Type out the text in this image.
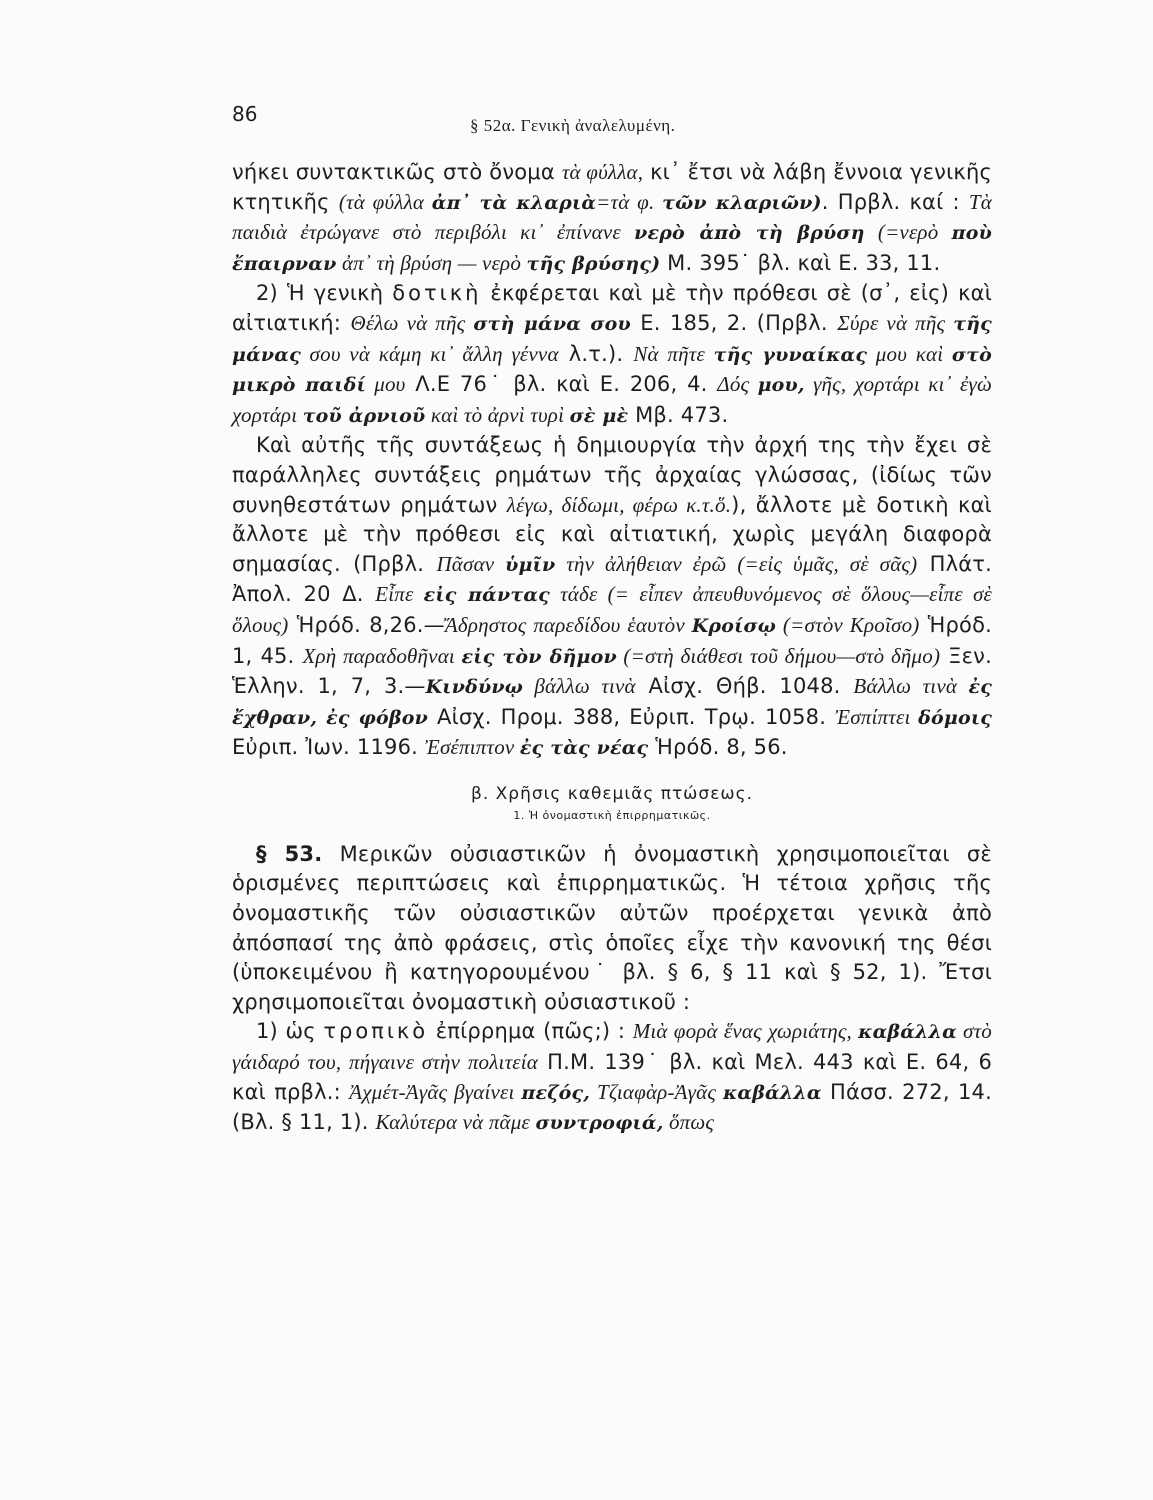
86	§ 52α. Γενικὴ ἀναλελυμένη.

νήκει συντακτικῶς στὸ ὄνομα τὰ φύλλα, κι᾽ ἔτσι νὰ λάβη ἔννοια γενικῆς κτητικῆς (τὰ φύλλα ἀπ᾽ τὰ κλαριὰ=τὰ φ. τῶν κλαριῶν). Πρβλ. καί : Τὰ παιδιὰ ἐτρώγανε στὸ περιβόλι κι᾽ ἐπίνανε νερὸ ἀπὸ τὴ βρύση (=νερὸ ποὺ ἔπαιρναν ἀπ᾽ τὴ βρύση — νερὸ τῆς βρύσης) Μ. 395˙ βλ. καὶ Ε. 33, 11.

2) Ἡ γενικὴ δοτικὴ ἐκφέρεται καὶ μὲ τὴν πρόθεσι σὲ (σ᾽, εἰς) καὶ αἰτιατική: Θέλω νὰ πῆς στὴ μάνα σου Ε. 185, 2. (Πρβλ. Σύρε νὰ πῆς τῆς μάνας σου νὰ κάμη κι᾽ ἄλλη γέννα λ.τ.). Νὰ πῆτε τῆς γυναίκας μου καὶ στὸ μικρὸ παιδί μου Λ.Ε 76˙ βλ. καὶ Ε. 206, 4. Δός μου, γῆς, χορτάρι κι᾽ ἐγὼ χορτάρι τοῦ ἀρνιοῦ καὶ τὸ ἀρνὶ τυρὶ σὲ μὲ Μβ. 473.

Καὶ αὐτῆς τῆς συντάξεως ἡ δημιουργία τὴν ἀρχή της τὴν ἔχει σὲ παράλληλες συντάξεις ρημάτων τῆς ἀρχαίας γλώσσας, (ἰδίως τῶν συνηθεστάτων ρημάτων λέγω, δίδωμι, φέρω κ.τ.ὅ.), ἄλλοτε μὲ δοτικὴ καὶ ἄλλοτε μὲ τὴν πρόθεσι εἰς καὶ αἰτιατική, χωρὶς μεγάλη διαφορὰ σημασίας. (Πρβλ. Πᾶσαν ὑμῖν τὴν ἀλήθειαν ἐρῶ (=εἰς ὑμᾶς, σὲ σᾶς) Πλάτ. Ἀπολ. 20 Δ. Εἶπε εἰς πάντας τάδε (= εἶπεν ἀπευθυνόμενος σὲ ὅλους—εἶπε σὲ ὅλους) Ἡρόδ. 8,26.—Ἄδρηστος παρεδίδου ἑαυτὸν Κροίσῳ (=στὸν Κροῖσο) Ἡρόδ. 1, 45. Χρὴ παραδοθῆναι εἰς τὸν δῆμον (=στὴ διάθεσι τοῦ δήμου—στὸ δῆμο) Ξεν. Ἑλλην. 1, 7, 3.—Κινδύνῳ βάλλω τινὰ Αἰσχ. Θήβ. 1048. Βάλλω τινὰ ἐς ἔχθραν, ἐς φόβον Αἰσχ. Προμ. 388, Εὐριπ. Τρῳ. 1058. Ἐσπίπτει δόμοις Εὐριπ. Ἰων. 1196. Ἐσέπιπτον ἐς τὰς νέας Ἡρόδ. 8, 56.

β. Χρῆσις καθεμιᾶς πτώσεως.

1. Ἡ ὀνομαστικὴ ἐπιρρηματικῶς.

§ 53. Μερικῶν οὐσιαστικῶν ἡ ὀνομαστικὴ χρησιμοποιεῖται σὲ ὁρισμένες περιπτώσεις καὶ ἐπιρρηματικῶς. Ἡ τέτοια χρῆσις τῆς ὀνομαστικῆς τῶν οὐσιαστικῶν αὐτῶν προέρχεται γενικὰ ἀπὸ ἀπόσπασί της ἀπὸ φράσεις, στὶς ὁποῖες εἶχε τὴν κανονική της θέσι (ὑποκειμένου ἢ κατηγορουμένου˙ βλ. § 6, § 11 καὶ § 52, 1). Ἔτσι χρησιμοποιεῖται ὀνομαστικὴ οὐσιαστικοῦ :

1) ὡς τροπικὸ ἐπίρρημα (πῶς;) : Μιὰ φορὰ ἕνας χωριάτης, καβάλλα στὸ γάιδαρό του, πήγαινε στὴν πολιτεία Π.Μ. 139˙ βλ. καὶ Μελ. 443 καὶ Ε. 64, 6 καὶ πρβλ.: Ἀχμέτ-Ἀγᾶς βγαίνει πεζός, Τζιαφὰρ-Ἀγᾶς καβάλλα Πάσσ. 272, 14. (Βλ. § 11, 1). Καλύτερα νὰ πᾶμε συντροφιά, ὅπως
